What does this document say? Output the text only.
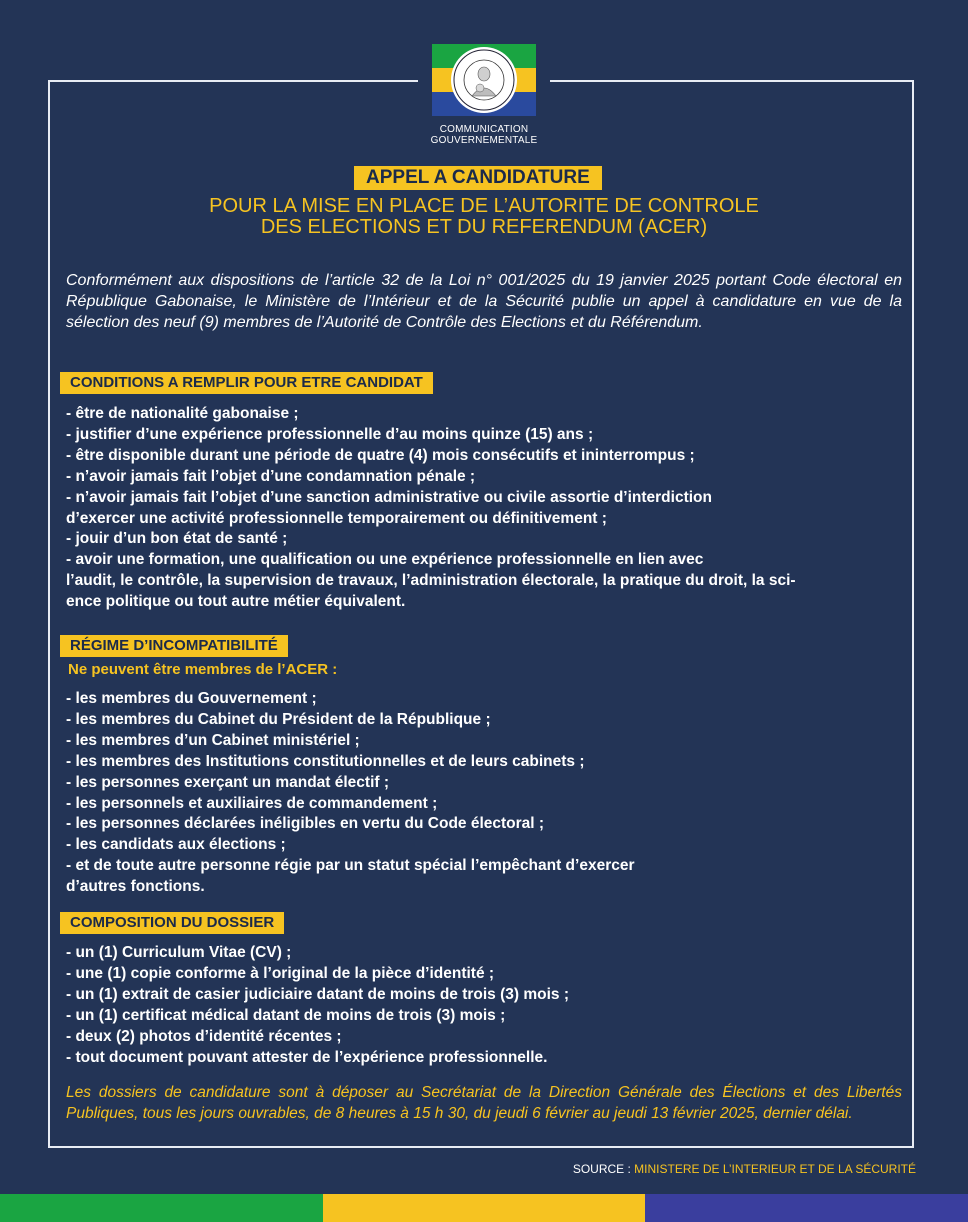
COMMUNICATION
GOUVERNEMENTALE
APPEL A CANDIDATURE
POUR LA MISE EN PLACE DE L’AUTORITE DE CONTROLE
DES ELECTIONS ET DU REFERENDUM (ACER)
Conformément aux dispositions de l’article 32 de la Loi n° 001/2025 du 19 janvier 2025 portant Code électoral en République Gabonaise, le Ministère de l’Intérieur et de la Sécurité publie un appel à candidature en vue de la sélection des neuf (9) membres de l’Autorité de Contrôle des Elections et du Référendum.
CONDITIONS A REMPLIR POUR ETRE CANDIDAT
- être de nationalité gabonaise ;
- justifier d’une expérience professionnelle d’au moins quinze (15) ans ;
- être disponible durant une période de quatre (4) mois consécutifs et ininterrompus ;
- n’avoir jamais fait l’objet d’une condamnation pénale ;
- n’avoir jamais fait l’objet d’une sanction administrative ou civile assortie d’interdiction
d’exercer une activité professionnelle temporairement ou définitivement ;
- jouir d’un bon état de santé ;
- avoir une formation, une qualification ou une expérience professionnelle en lien avec
l’audit, le contrôle, la supervision de travaux, l’administration électorale, la pratique du droit, la sci-
ence politique ou tout autre métier équivalent.
RÉGIME D’INCOMPATIBILITÉ
Ne peuvent être membres de l’ACER :
- les membres du Gouvernement ;
- les membres du Cabinet du Président de la République ;
- les membres d’un Cabinet ministériel ;
- les membres des Institutions constitutionnelles et de leurs cabinets ;
- les personnes exerçant un mandat électif ;
- les personnels et auxiliaires de commandement ;
- les personnes déclarées inéligibles en vertu du Code électoral ;
- les candidats aux élections ;
- et de toute autre personne régie par un statut spécial l’empêchant d’exercer
d’autres fonctions.
COMPOSITION DU DOSSIER
- un (1) Curriculum Vitae (CV) ;
- une (1) copie conforme à l’original de la pièce d’identité ;
- un (1) extrait de casier judiciaire datant de moins de trois (3) mois ;
- un (1) certificat médical datant de moins de trois (3) mois ;
- deux (2) photos d’identité récentes ;
- tout document pouvant attester de l’expérience professionnelle.
Les dossiers de candidature sont à déposer au Secrétariat de la Direction Générale des Élections et des Libertés Publiques, tous les jours ouvrables, de 8 heures à 15 h 30, du jeudi 6 février au jeudi 13 février 2025, dernier délai.
SOURCE : MINISTERE DE L’INTERIEUR ET DE LA SÉCURITÉ
